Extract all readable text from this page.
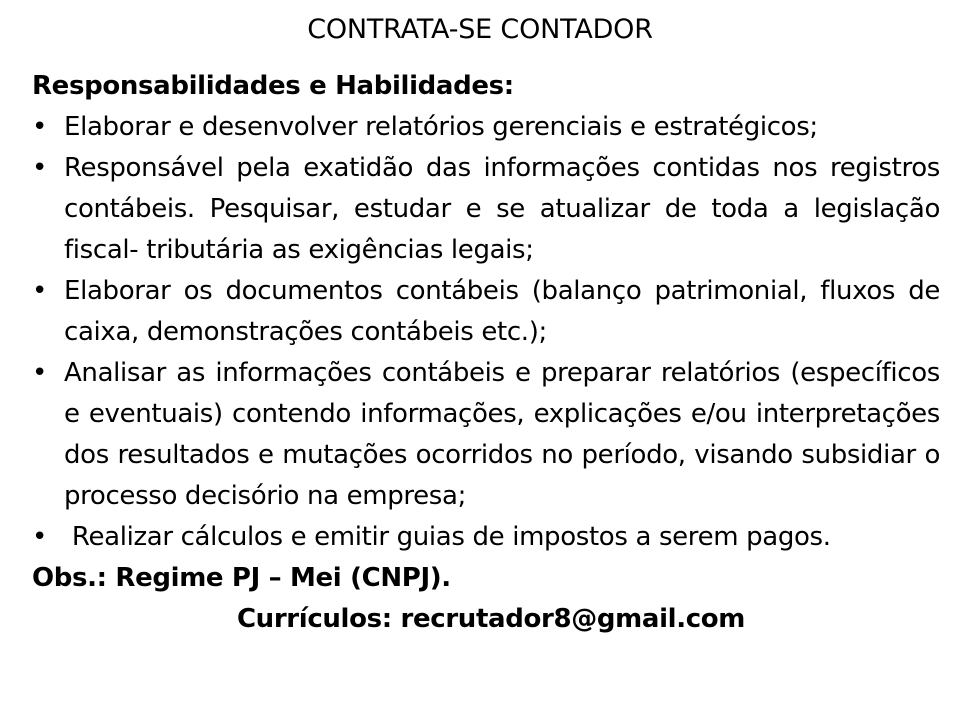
CONTRATA-SE CONTADOR

Responsabilidades e Habilidades:

• Elaborar e desenvolver relatórios gerenciais e estratégicos;
• Responsável pela exatidão das informações contidas nos registros contábeis. Pesquisar, estudar e se atualizar de toda a legislação fiscal- tributária as exigências legais;
• Elaborar os documentos contábeis (balanço patrimonial, fluxos de caixa, demonstrações contábeis etc.);
• Analisar as informações contábeis e preparar relatórios (específicos e eventuais) contendo informações, explicações e/ou interpretações dos resultados e mutações ocorridos no período, visando subsidiar o processo decisório na empresa;
• Realizar cálculos e emitir guias de impostos a serem pagos.

Obs.: Regime PJ – Mei (CNPJ).

Currículos: recrutador8@gmail.com
